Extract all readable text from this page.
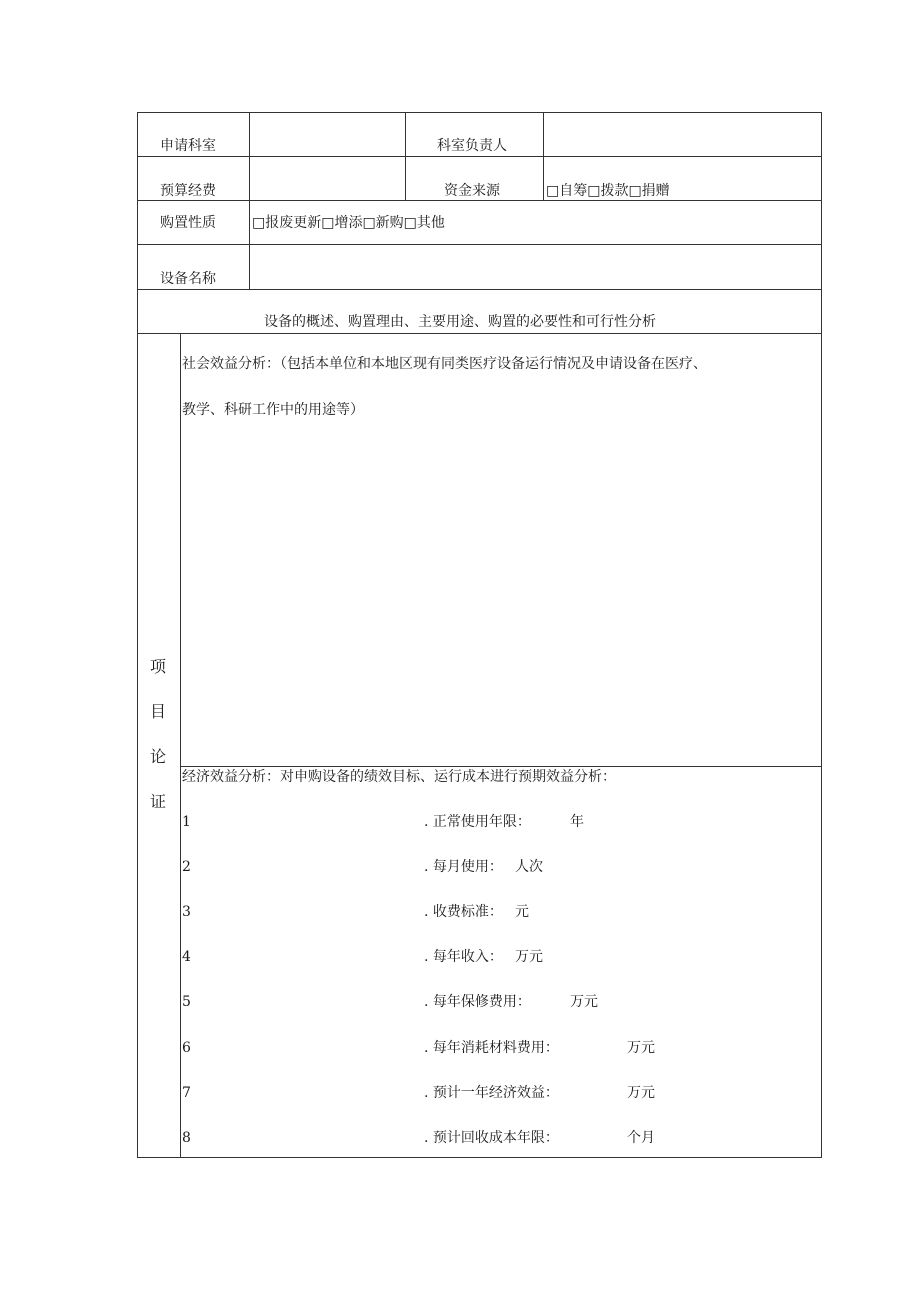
申请科室	科室负责人
预算经费	资金来源	□自筹□拨款□捐赠
购置性质	□报废更新□增添□新购□其他
设备名称
设备的概述、购置理由、主要用途、购置的必要性和可行性分析
项
目
论
证
社会效益分析：（包括本单位和本地区现有同类医疗设备运行情况及申请设备在医疗、
教学、科研工作中的用途等）
经济效益分析：对申购设备的绩效目标、运行成本进行预期效益分析：
1	. 正常使用年限：	年
2	. 每月使用： 人次
3	. 收费标准： 元
4	. 每年收入： 万元
5	. 每年保修费用：	万元
6	. 每年消耗材料费用：	万元
7	. 预计一年经济效益：	万元
8	. 预计回收成本年限：	个月
